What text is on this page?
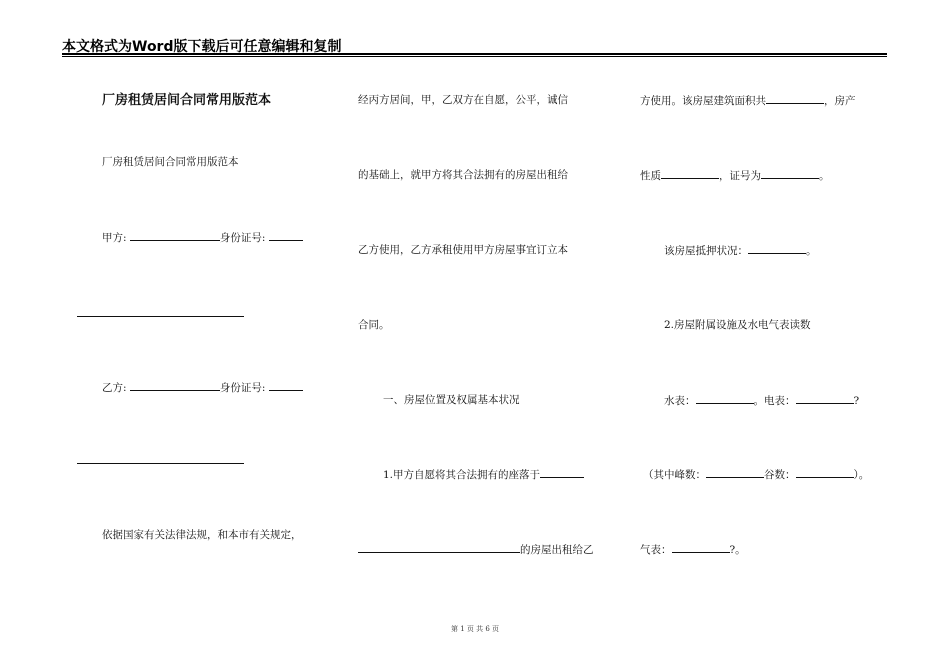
本文格式为Word版下载后可任意编辑和复制
厂房租赁居间合同常用版范本
厂房租赁居间合同常用版范本
甲方:	身份证号:
乙方:	身份证号:
依据国家有关法律法规，和本市有关规定，
经丙方居间，甲，乙双方在自愿，公平，诚信
的基础上，就甲方将其合法拥有的房屋出租给
乙方使用，乙方承租使用甲方房屋事宜订立本
合同。
一、房屋位置及权属基本状况
1.甲方自愿将其合法拥有的座落于
的房屋出租给乙
方使用。该房屋建筑面积共	，房产
性质	，证号为	。
该房屋抵押状况：	。
2.房屋附属设施及水电气表读数
水表：	。电表：	?
（其中峰数：	谷数：	）。
气表：	?。
第 1 页 共 6 页
